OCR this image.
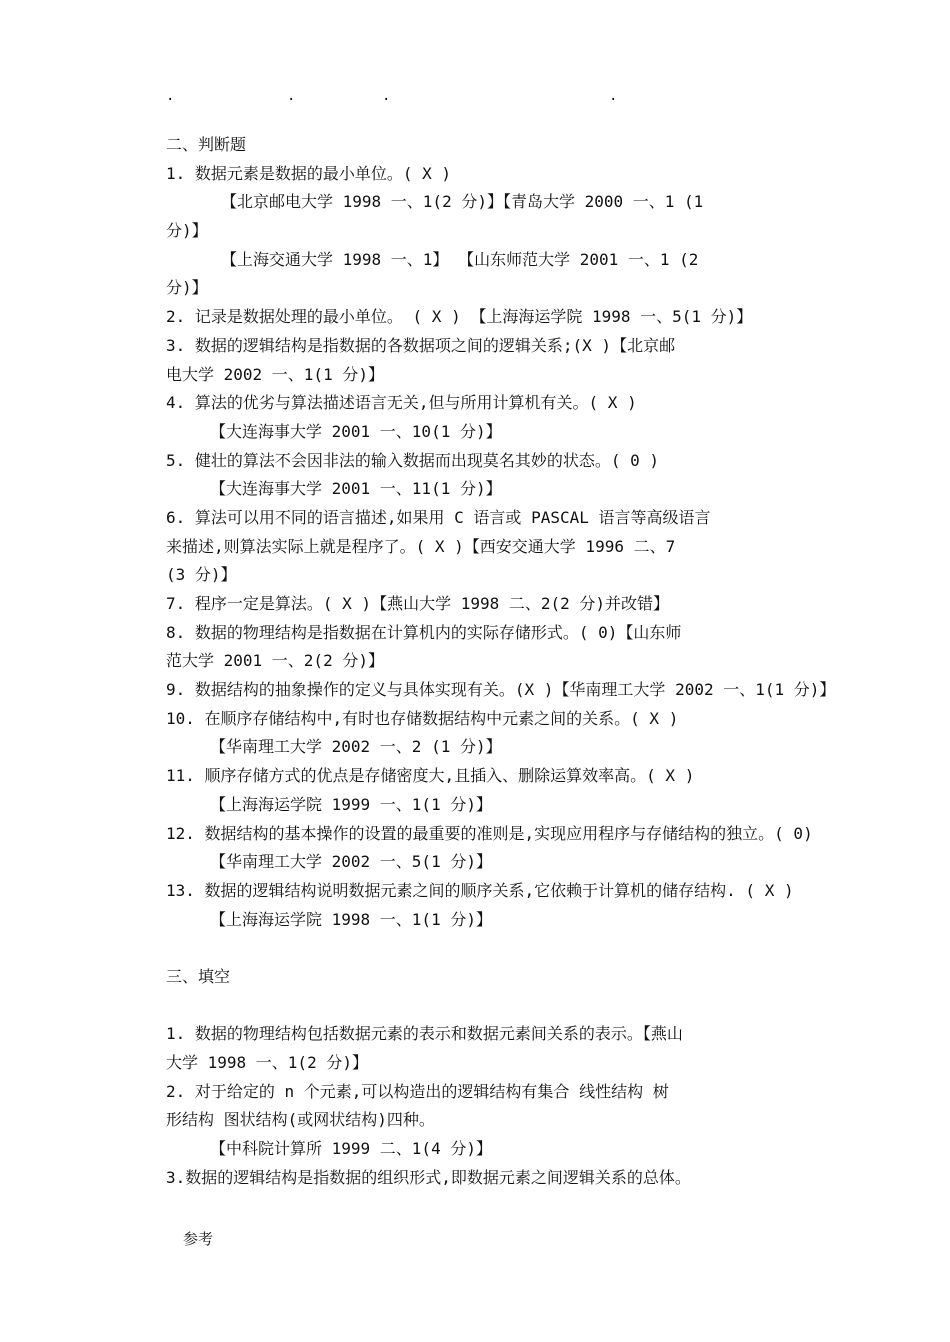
.	.	.	.
二、判断题
1. 数据元素是数据的最小单位。( X )
【北京邮电大学 1998 一、1(2 分)】【青岛大学 2000 一、1 (1
分)】
【上海交通大学 1998 一、1】 【山东师范大学 2001 一、1 (2
分)】
2. 记录是数据处理的最小单位。 ( X ) 【上海海运学院 1998 一、5(1 分)】
3. 数据的逻辑结构是指数据的各数据项之间的逻辑关系;(X )【北京邮
电大学 2002 一、1(1 分)】
4. 算法的优劣与算法描述语言无关,但与所用计算机有关。( X )
【大连海事大学 2001 一、10(1 分)】
5. 健壮的算法不会因非法的输入数据而出现莫名其妙的状态。( 0 )
【大连海事大学 2001 一、11(1 分)】
6. 算法可以用不同的语言描述,如果用 C 语言或 PASCAL 语言等高级语言
来描述,则算法实际上就是程序了。( X )【西安交通大学 1996 二、7
(3 分)】
7. 程序一定是算法。( X )【燕山大学 1998 二、2(2 分)并改错】
8. 数据的物理结构是指数据在计算机内的实际存储形式。( 0)【山东师
范大学 2001 一、2(2 分)】
9. 数据结构的抽象操作的定义与具体实现有关。(X )【华南理工大学 2002 一、1(1 分)】
10. 在顺序存储结构中,有时也存储数据结构中元素之间的关系。( X )
【华南理工大学 2002 一、2 (1 分)】
11. 顺序存储方式的优点是存储密度大,且插入、删除运算效率高。( X )
【上海海运学院 1999 一、1(1 分)】
12. 数据结构的基本操作的设置的最重要的准则是,实现应用程序与存储结构的独立。( 0)
【华南理工大学 2002 一、5(1 分)】
13. 数据的逻辑结构说明数据元素之间的顺序关系,它依赖于计算机的储存结构. ( X )
【上海海运学院 1998 一、1(1 分)】
三、填空
1. 数据的物理结构包括数据元素的表示和数据元素间关系的表示。【燕山
大学 1998 一、1(2 分)】
2. 对于给定的 n 个元素,可以构造出的逻辑结构有集合 线性结构 树
形结构 图状结构(或网状结构)四种。
【中科院计算所 1999 二、1(4 分)】
3.数据的逻辑结构是指数据的组织形式,即数据元素之间逻辑关系的总体。
参考
